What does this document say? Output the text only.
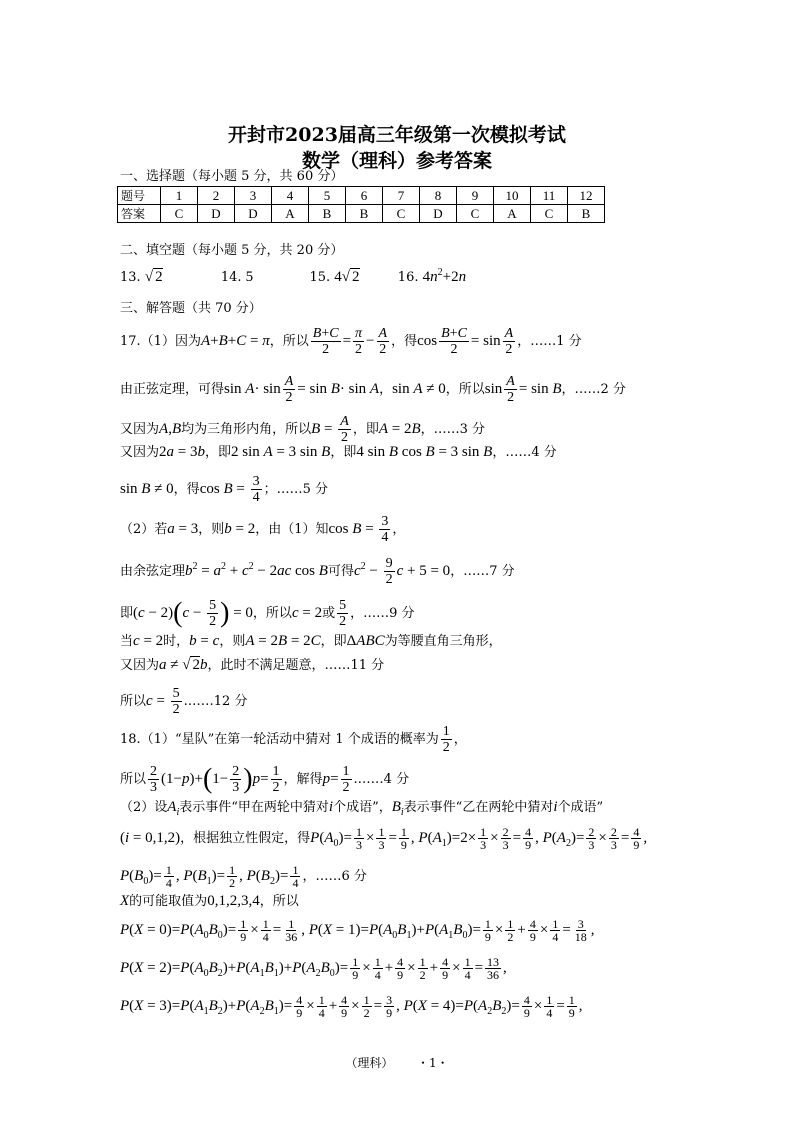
开封市2023届高三年级第一次模拟考试
数学（理科）参考答案
一、选择题（每小题 5 分，共 60 分）
题号	1	2	3	4	5	6	7	8	9	10	11	12
答案	C	D	D	A	B	B	C	D	C	A	C	B
二、填空题（每小题 5 分，共 20 分）
13. √ 2	14. 5	15. 4√ 2	16. $4n^2+2n$
三、解答题（共 70 分）
17.（1）因为A+B+C = π，所以 $\frac{B+C}{2} = \frac{\pi}{2} - \frac{A}{2}$ ，得$\cos \frac{B+C}{2} = \sin \frac{A}{2}$ ，……1 分
由正弦定理，可得$\sin A\cdot \sin \frac{A}{2} = \sin B\cdot \sin A$，sin A ≠ 0，所以$\sin \frac{A}{2} = \sin B$，……2 分
又因为A,B均为三角形内角，所以$B = \frac{A}{2}$ ，即A = 2B，……3 分
又因为2a = 3b，即2 sin A = 3 sin B，即4 sin B cos B = 3 sin B，……4 分
sin B ≠ 0，得$\cos B = \frac{3}{4}$ ；……5 分
（2）若a = 3，则b = 2，由（1）知$\cos B = \frac{3}{4}$ ，
由余弦定理$b^2 = a^2 + c^2 - 2ac$ cos B可得$c^2 - \frac{9}{2}$ c + 5 = 0，……7 分
即$(c - 2)(c - \frac{5}{2}$ ) = 0，所以c = 2或 $\frac{5}{2}$ ，……9 分
当c = 2时，b = c，则A = 2B = 2C，即ΔABC为等腰直角三角形，
又因为a ≠ √ 2b，此时不满足题意，……11 分
所以$c = \frac{5}{2}$ .……12 分
18.（1）“星队”在第一轮活动中猜对 1 个成语的概率为 $\frac{1}{2}$ ，
所以 $\frac{2}{3} (1-p)+(1- \frac{2}{3} )p= \frac{1}{2}$ ，解得$p= \frac{1}{2}$ .……4 分
（2）设$A_i$表示事件“甲在两轮中猜对i个成语”，$B_i$表示事件“乙在两轮中猜对i个成语”
(i = 0,1,2)，根据独立性假定，得$P(A_0)= \frac{1}{3} \times \frac{1}{3} = \frac{1}{9}$ , $P(A_1)=2\times \frac{1}{3} \times \frac{2}{3} = \frac{4}{9}$ , $P(A_2)= \frac{2}{3} \times \frac{2}{3} = \frac{4}{9}$ ,
$P(B_0)= \frac{1}{4}$ , $P(B_1)= \frac{1}{2}$ , $P(B_2)= \frac{1}{4}$ ，……6 分
X的可能取值为0,1,2,3,4，所以
$P(X = 0)=P(A_0B_0)= \frac{1}{9} \times \frac{1}{4} = \frac{1}{36}$ , $P(X = 1)=P(A_0B_1)+P(A_1B_0)= \frac{1}{9} \times \frac{1}{2} + \frac{4}{9} \times \frac{1}{4} = \frac{3}{18}$ ,
$P(X = 2)=P(A_0B_2)+P(A_1B_1)+P(A_2B_0)= \frac{1}{9} \times \frac{1}{4} + \frac{4}{9} \times \frac{1}{2} + \frac{4}{9} \times \frac{1}{4} = \frac{13}{36}$ ,
$P(X = 3)=P(A_1B_2)+P(A_2B_1)= \frac{4}{9} \times \frac{1}{4} + \frac{4}{9} \times \frac{1}{2} = \frac{3}{9}$ , $P(X = 4)=P(A_2B_2)= \frac{4}{9} \times \frac{1}{4} = \frac{1}{9}$ ,
（理科） ・1・
